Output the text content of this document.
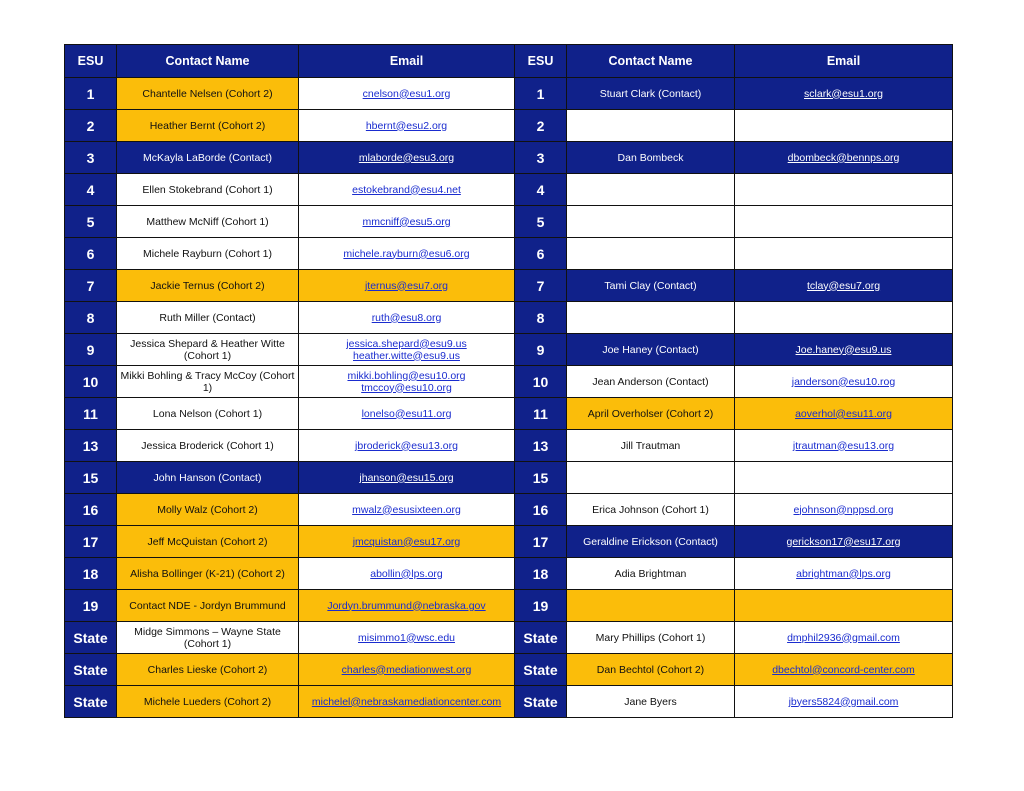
ESU	Contact Name	Email	ESU	Contact Name	Email

1	Chantelle Nelsen (Cohort 2)	cnelson@esu1.org	1	Stuart Clark (Contact)	sclark@esu1.org

2	Heather Bernt (Cohort 2)	hbernt@esu2.org	2		

3	McKayla LaBorde (Contact)	mlaborde@esu3.org	3	Dan Bombeck	dbombeck@bennps.org

4	Ellen Stokebrand (Cohort 1)	estokebrand@esu4.net	4		

5	Matthew McNiff (Cohort 1)	mmcniff@esu5.org	5		

6	Michele Rayburn (Cohort 1)	michele.rayburn@esu6.org	6		

7	Jackie Ternus (Cohort 2)	jternus@esu7.org	7	Tami Clay (Contact)	tclay@esu7.org

8	Ruth Miller (Contact)	ruth@esu8.org	8		

9	Jessica Shepard & Heather Witte (Cohort 1)	jessica.shepard@esu9.us
heather.witte@esu9.us	9	Joe Haney (Contact)	Joe.haney@esu9.us

10	Mikki Bohling & Tracy McCoy (Cohort 1)	mikki.bohling@esu10.org
tmccoy@esu10.org	10	Jean Anderson (Contact)	janderson@esu10.rog

11	Lona Nelson (Cohort 1)	lonelso@esu11.org	11	April Overholser (Cohort 2)	aoverhol@esu11.org

13	Jessica Broderick (Cohort 1)	jbroderick@esu13.org	13	Jill Trautman	jtrautman@esu13.org

15	John Hanson (Contact)	jhanson@esu15.org	15		

16	Molly Walz (Cohort 2)	mwalz@esusixteen.org	16	Erica Johnson (Cohort 1)	ejohnson@nppsd.org

17	Jeff McQuistan (Cohort 2)	jmcquistan@esu17.org	17	Geraldine Erickson (Contact)	gerickson17@esu17.org

18	Alisha Bollinger (K-21) (Cohort 2)	abollin@lps.org	18	Adia Brightman	abrightman@lps.org

19	Contact NDE - Jordyn Brummund	Jordyn.brummund@nebraska.gov	19		

State	Midge Simmons – Wayne State (Cohort 1)	misimmo1@wsc.edu	State	Mary Phillips (Cohort 1)	dmphil2936@gmail.com

State	Charles Lieske (Cohort 2)	charles@mediationwest.org	State	Dan Bechtol (Cohort 2)	dbechtol@concord-center.com

State	Michele Lueders (Cohort 2)	michelel@nebraskamediationcenter.com	State	Jane Byers	jbyers5824@gmail.com
